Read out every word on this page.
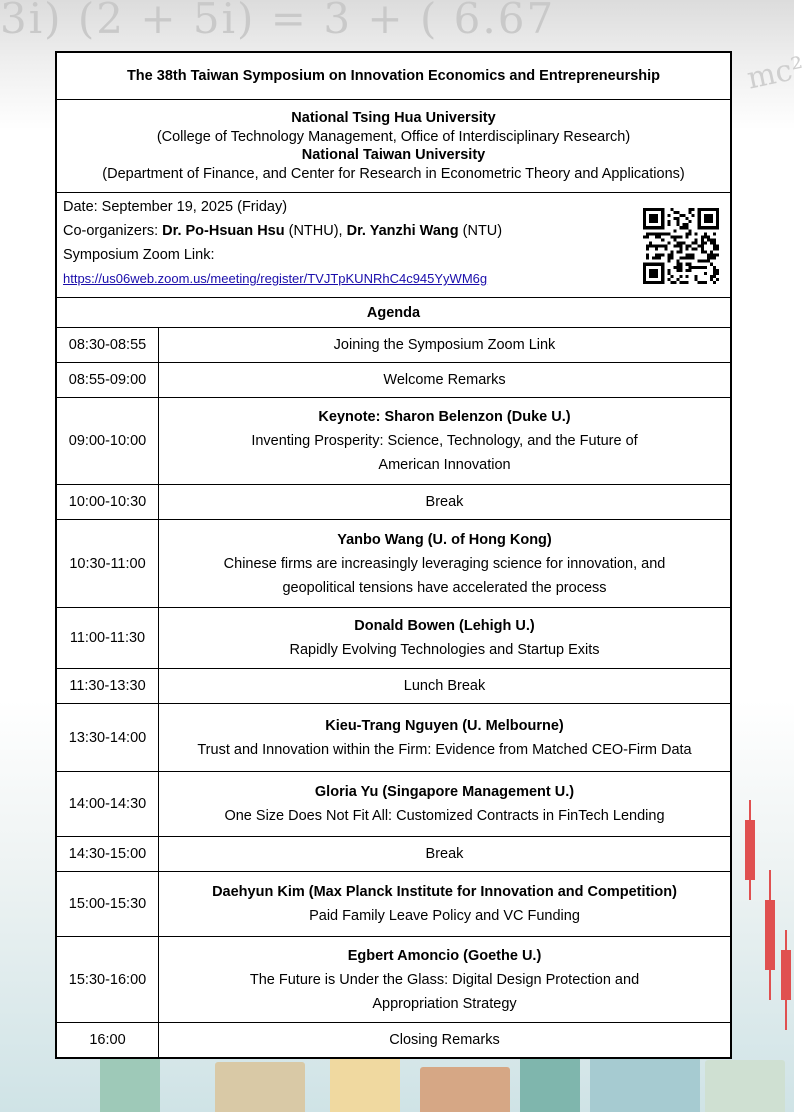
3i) (2 + 5i) = 3 + ( 6.67
mc²
The 38th Taiwan Symposium on Innovation Economics and Entrepreneurship	

National Tsing Hua University
(College of Technology Management, Office of Interdisciplinary Research)
National Taiwan University
(Department of Finance, and Center for Research in Econometric Theory and Applications)	

Date: September 19, 2025 (Friday)
Co-organizers: Dr. Po-Hsuan Hsu (NTHU), Dr. Yanzhi Wang (NTU)
Symposium Zoom Link:
https://us06web.zoom.us/meeting/register/TVJTpKUNRhC4c945YyWM6g	

Agenda	
08:30-08:55	Joining the Symposium Zoom Link

08:55-09:00	Welcome Remarks

09:00-10:00	Keynote: Sharon Belenzon (Duke U.)
Inventing Prosperity: Science, Technology, and the Future of
American Innovation

10:00-10:30	Break

10:30-11:00	Yanbo Wang (U. of Hong Kong)
Chinese firms are increasingly leveraging science for innovation, and
geopolitical tensions have accelerated the process

11:00-11:30	Donald Bowen (Lehigh U.)
Rapidly Evolving Technologies and Startup Exits

11:30-13:30	Lunch Break

13:30-14:00	Kieu-Trang Nguyen (U. Melbourne)
Trust and Innovation within the Firm: Evidence from Matched CEO-Firm Data

14:00-14:30	Gloria Yu (Singapore Management U.)
One Size Does Not Fit All: Customized Contracts in FinTech Lending

14:30-15:00	Break

15:00-15:30	Daehyun Kim (Max Planck Institute for Innovation and Competition)
Paid Family Leave Policy and VC Funding

15:30-16:00	Egbert Amoncio (Goethe U.)
The Future is Under the Glass: Digital Design Protection and
Appropriation Strategy

16:00	Closing Remarks
